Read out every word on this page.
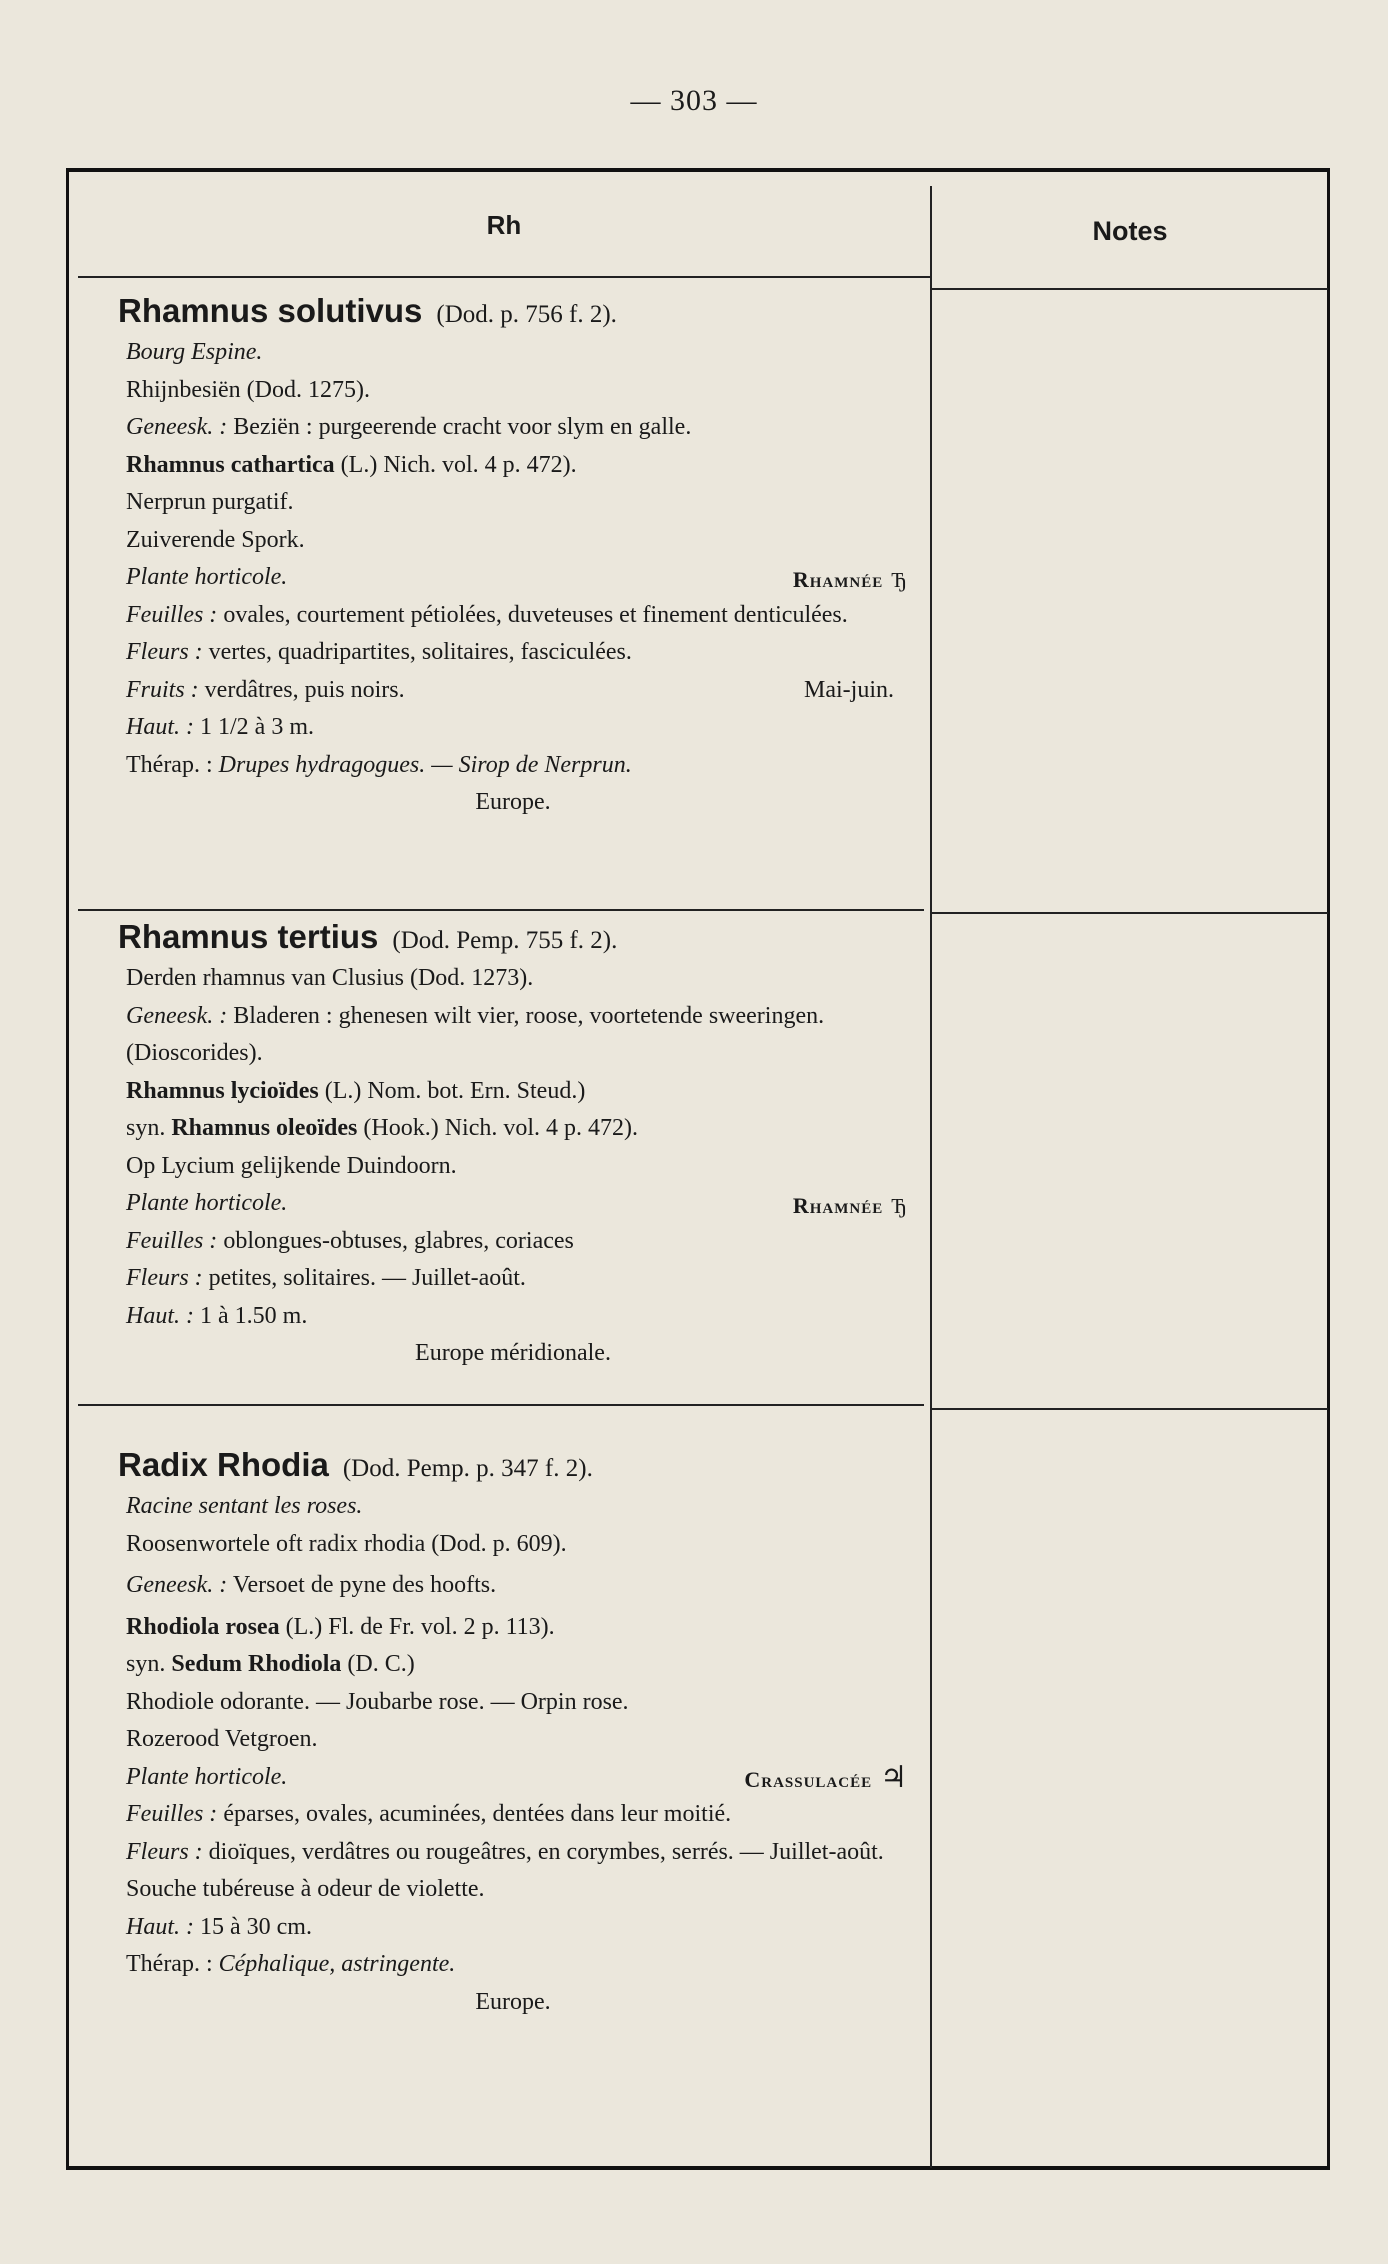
— 303 —
Rh	Notes
Rhamnus solutivus (Dod. p. 756 f. 2).
Bourg Espine.
Rhijnbesiën (Dod. 1275).
Geneesk. : Beziën : purgeerende cracht voor slym en galle.
Rhamnus cathartica (L.) Nich. vol. 4 p. 472).
Nerprun purgatif.
Zuiverende Spork.
Plante horticole.	Rhamnée ђ
Feuilles : ovales, courtement pétiolées, duveteuses et finement denticulées.
Fleurs : vertes, quadripartites, solitaires, fasciculées.
Fruits : verdâtres, puis noirs.	Mai-juin.
Haut. : 1 1/2 à 3 m.
Thérap. : Drupes hydragogues. — Sirop de Nerprun.
Europe.
Rhamnus tertius (Dod. Pemp. 755 f. 2).
Derden rhamnus van Clusius (Dod. 1273).
Geneesk. : Bladeren : ghenesen wilt vier, roose, voortetende sweeringen. (Dioscorides).
Rhamnus lycioïdes (L.) Nom. bot. Ern. Steud.)
syn. Rhamnus oleoïdes (Hook.) Nich. vol. 4 p. 472).
Op Lycium gelijkende Duindoorn.
Plante horticole.	Rhamnée ђ
Feuilles : oblongues-obtuses, glabres, coriaces
Fleurs : petites, solitaires. — Juillet-août.
Haut. : 1 à 1.50 m.
Europe méridionale.
Radix Rhodia (Dod. Pemp. p. 347 f. 2).
Racine sentant les roses.
Roosenwortele oft radix rhodia (Dod. p. 609).
Geneesk. : Versoet de pyne des hoofts.
Rhodiola rosea (L.) Fl. de Fr. vol. 2 p. 113).
syn. Sedum Rhodiola (D. C.)
Rhodiole odorante. — Joubarbe rose. — Orpin rose.
Rozerood Vetgroen.
Plante horticole.	Crassulacée ♃
Feuilles : éparses, ovales, acuminées, dentées dans leur moitié.
Fleurs : dioïques, verdâtres ou rougeâtres, en corymbes, serrés. — Juillet-août.
Souche tubéreuse à odeur de violette.
Haut. : 15 à 30 cm.
Thérap. : Céphalique, astringente.
Europe.
